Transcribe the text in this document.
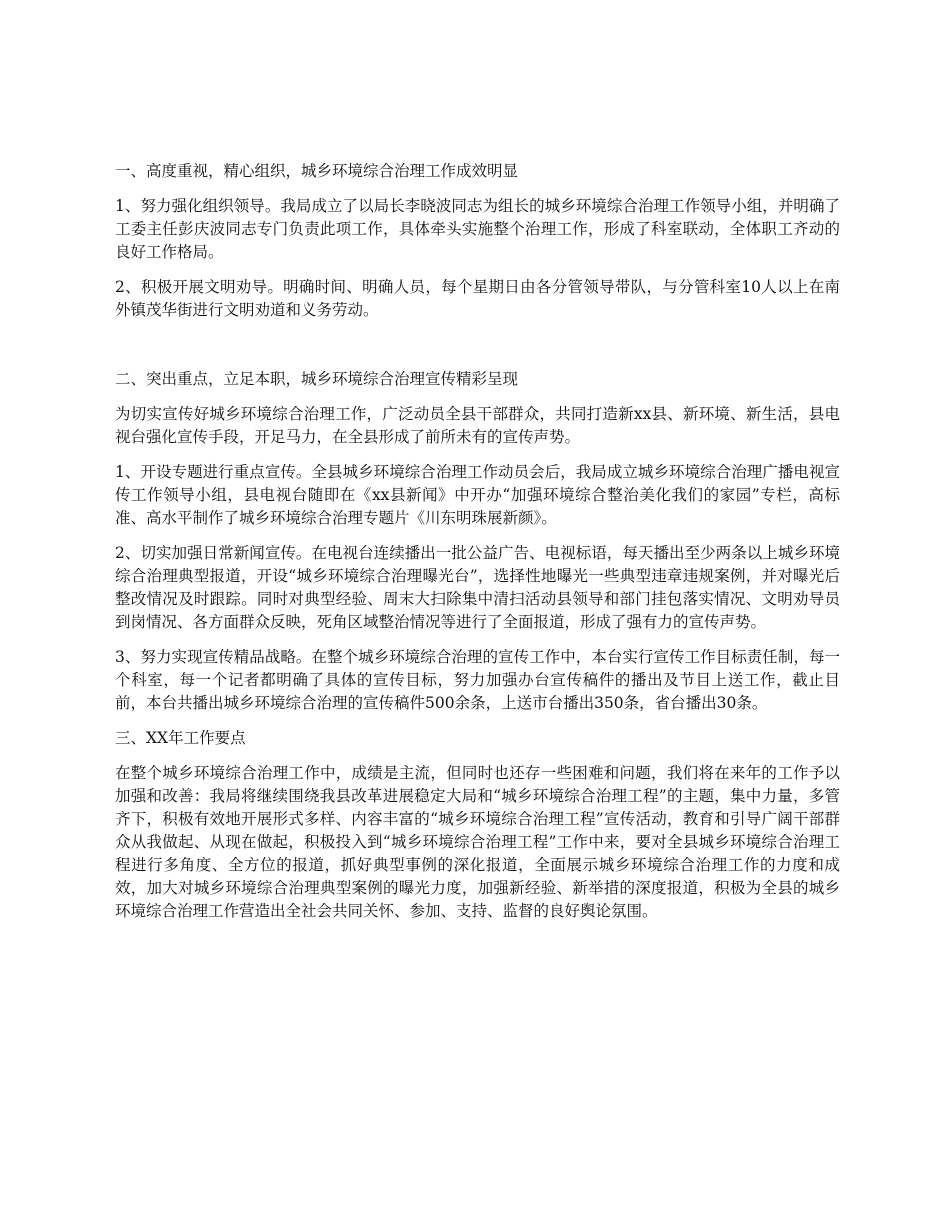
一、高度重视，精心组织，城乡环境综合治理工作成效明显

1、努力强化组织领导。我局成立了以局长李晓波同志为组长的城乡环境综合治理工作领导小组，并明确了工委主任彭庆波同志专门负责此项工作，具体牵头实施整个治理工作，形成了科室联动，全体职工齐动的良好工作格局。

2、积极开展文明劝导。明确时间、明确人员，每个星期日由各分管领导带队，与分管科室10人以上在南外镇茂华街进行文明劝道和义务劳动。

二、突出重点，立足本职，城乡环境综合治理宣传精彩呈现

为切实宣传好城乡环境综合治理工作，广泛动员全县干部群众，共同打造新xx县、新环境、新生活，县电视台强化宣传手段，开足马力，在全县形成了前所未有的宣传声势。

1、开设专题进行重点宣传。全县城乡环境综合治理工作动员会后，我局成立城乡环境综合治理广播电视宣传工作领导小组，县电视台随即在《xx县新闻》中开办“加强环境综合整治美化我们的家园”专栏，高标准、高水平制作了城乡环境综合治理专题片《川东明珠展新颜》。

2、切实加强日常新闻宣传。在电视台连续播出一批公益广告、电视标语，每天播出至少两条以上城乡环境综合治理典型报道，开设“城乡环境综合治理曝光台”，选择性地曝光一些典型违章违规案例，并对曝光后整改情况及时跟踪。同时对典型经验、周末大扫除集中清扫活动县领导和部门挂包落实情况、文明劝导员到岗情况、各方面群众反映，死角区域整治情况等进行了全面报道，形成了强有力的宣传声势。

3、努力实现宣传精品战略。在整个城乡环境综合治理的宣传工作中，本台实行宣传工作目标责任制，每一个科室，每一个记者都明确了具体的宣传目标，努力加强办台宣传稿件的播出及节目上送工作，截止目前，本台共播出城乡环境综合治理的宣传稿件500余条，上送市台播出350条，省台播出30条。

三、XX年工作要点

在整个城乡环境综合治理工作中，成绩是主流，但同时也还存一些困难和问题，我们将在来年的工作予以加强和改善：我局将继续围绕我县改革进展稳定大局和“城乡环境综合治理工程”的主题，集中力量，多管齐下，积极有效地开展形式多样、内容丰富的“城乡环境综合治理工程”宣传活动，教育和引导广阔干部群众从我做起、从现在做起，积极投入到“城乡环境综合治理工程”工作中来，要对全县城乡环境综合治理工程进行多角度、全方位的报道，抓好典型事例的深化报道，全面展示城乡环境综合治理工作的力度和成效，加大对城乡环境综合治理典型案例的曝光力度，加强新经验、新举措的深度报道，积极为全县的城乡环境综合治理工作营造出全社会共同关怀、参加、支持、监督的良好舆论氛围。
